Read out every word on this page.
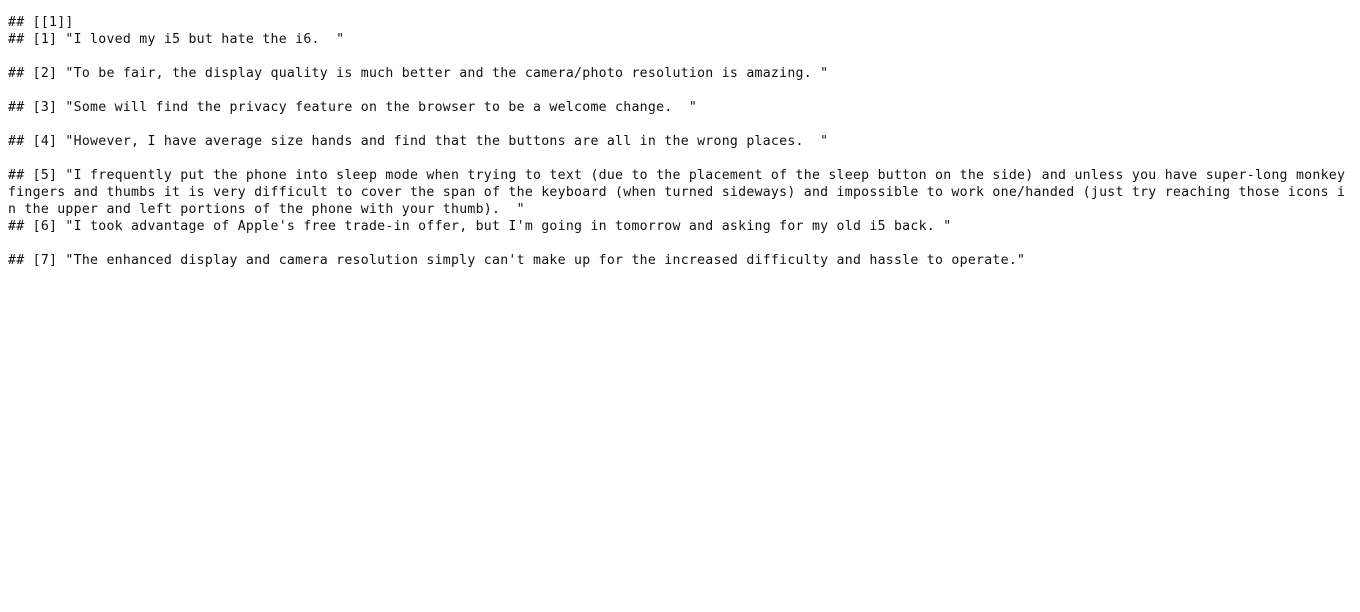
## [[1]]
## [1] "I loved my i5 but hate the i6.  "
## [2] "To be fair, the display quality is much better and the camera/photo resolution is amazing. "
## [3] "Some will find the privacy feature on the browser to be a welcome change.  "
## [4] "However, I have average size hands and find that the buttons are all in the wrong places.  "
## [5] "I frequently put the phone into sleep mode when trying to text (due to the placement of the sleep button on the side) and unless you have super-long monkey fingers and thumbs it is very difficult to cover the span of the keyboard (when turned sideways) and impossible to work one/handed (just try reaching those icons in the upper and left portions of the phone with your thumb).  "
## [6] "I took advantage of Apple's free trade-in offer, but I'm going in tomorrow and asking for my old i5 back. "
## [7] "The enhanced display and camera resolution simply can't make up for the increased difficulty and hassle to operate."
